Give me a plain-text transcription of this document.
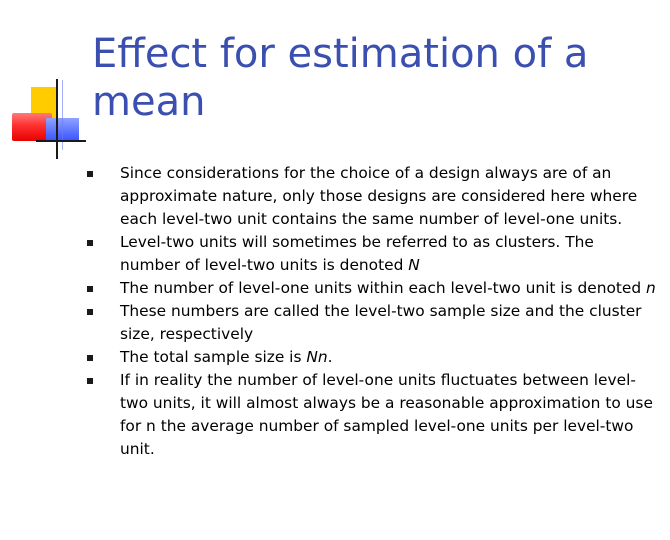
Effect for estimation of a mean
Since considerations for the choice of a design always are of an approximate nature, only those designs are considered here where each level-two unit contains the same number of level-one units.
Level-two units will sometimes be referred to as clusters. The number of level-two units is denoted N
The number of level-one units within each level-two unit is denoted n
These numbers are called the level-two sample size and the cluster size, respectively
The total sample size is Nn.
If in reality the number of level-one units fluctuates between level-two units, it will almost always be a reasonable approximation to use for n the average number of sampled level-one units per level-two unit.
